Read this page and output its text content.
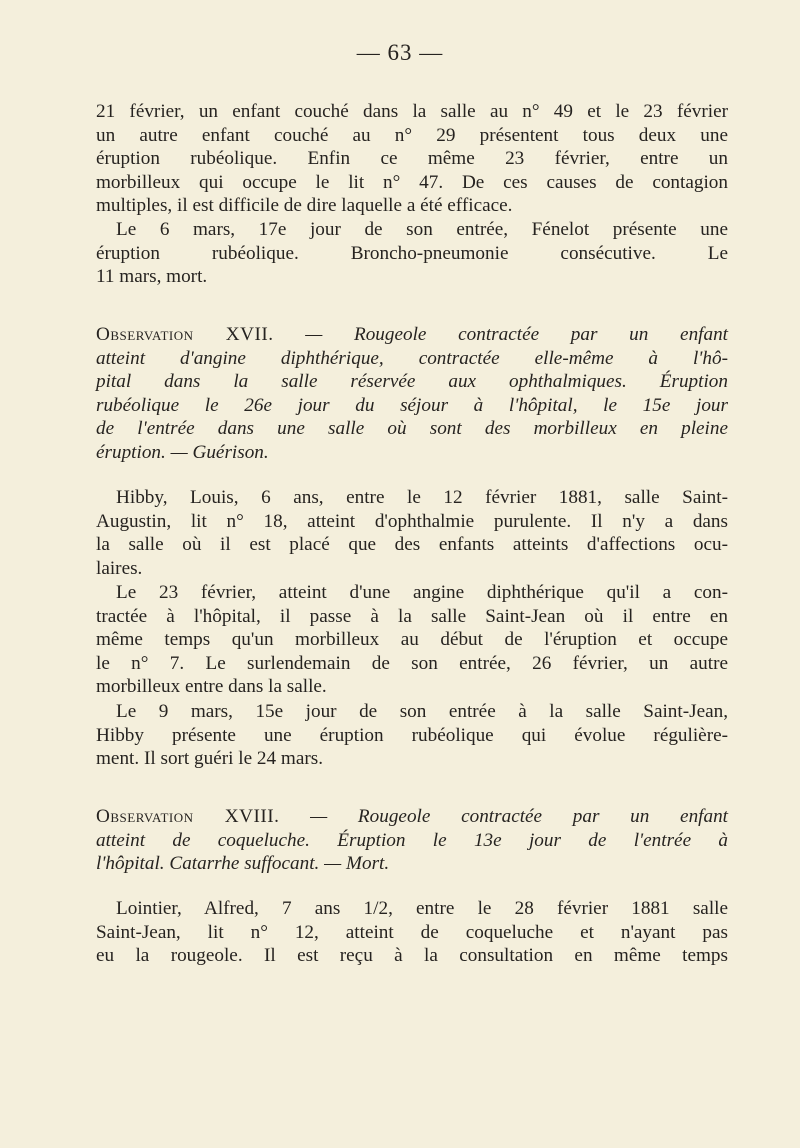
— 63 —

21 février, un enfant couché dans la salle au n° 49 et le 23 février
un autre enfant couché au n° 29 présentent tous deux une
éruption rubéolique. Enfin ce même 23 février, entre un
morbilleux qui occupe le lit n° 47. De ces causes de contagion
multiples, il est difficile de dire laquelle a été efficace.

Le 6 mars, 17e jour de son entrée, Fénelot présente une
éruption rubéolique. Broncho-pneumonie consécutive. Le
11 mars, mort.

Observation XVII. — Rougeole contractée par un enfant
atteint d'angine diphthérique, contractée elle-même à l'hô-
pital dans la salle réservée aux ophthalmiques. Éruption
rubéolique le 26e jour du séjour à l'hôpital, le 15e jour
de l'entrée dans une salle où sont des morbilleux en pleine
éruption. — Guérison.

Hibby, Louis, 6 ans, entre le 12 février 1881, salle Saint-
Augustin, lit n° 18, atteint d'ophthalmie purulente. Il n'y a dans
la salle où il est placé que des enfants atteints d'affections ocu-
laires.

Le 23 février, atteint d'une angine diphthérique qu'il a con-
tractée à l'hôpital, il passe à la salle Saint-Jean où il entre en
même temps qu'un morbilleux au début de l'éruption et occupe
le n° 7. Le surlendemain de son entrée, 26 février, un autre
morbilleux entre dans la salle.

Le 9 mars, 15e jour de son entrée à la salle Saint-Jean,
Hibby présente une éruption rubéolique qui évolue régulière-
ment. Il sort guéri le 24 mars.

Observation XVIII. — Rougeole contractée par un enfant
atteint de coqueluche. Éruption le 13e jour de l'entrée à
l'hôpital. Catarrhe suffocant. — Mort.

Lointier, Alfred, 7 ans 1/2, entre le 28 février 1881 salle
Saint-Jean, lit n° 12, atteint de coqueluche et n'ayant pas
eu la rougeole. Il est reçu à la consultation en même temps
